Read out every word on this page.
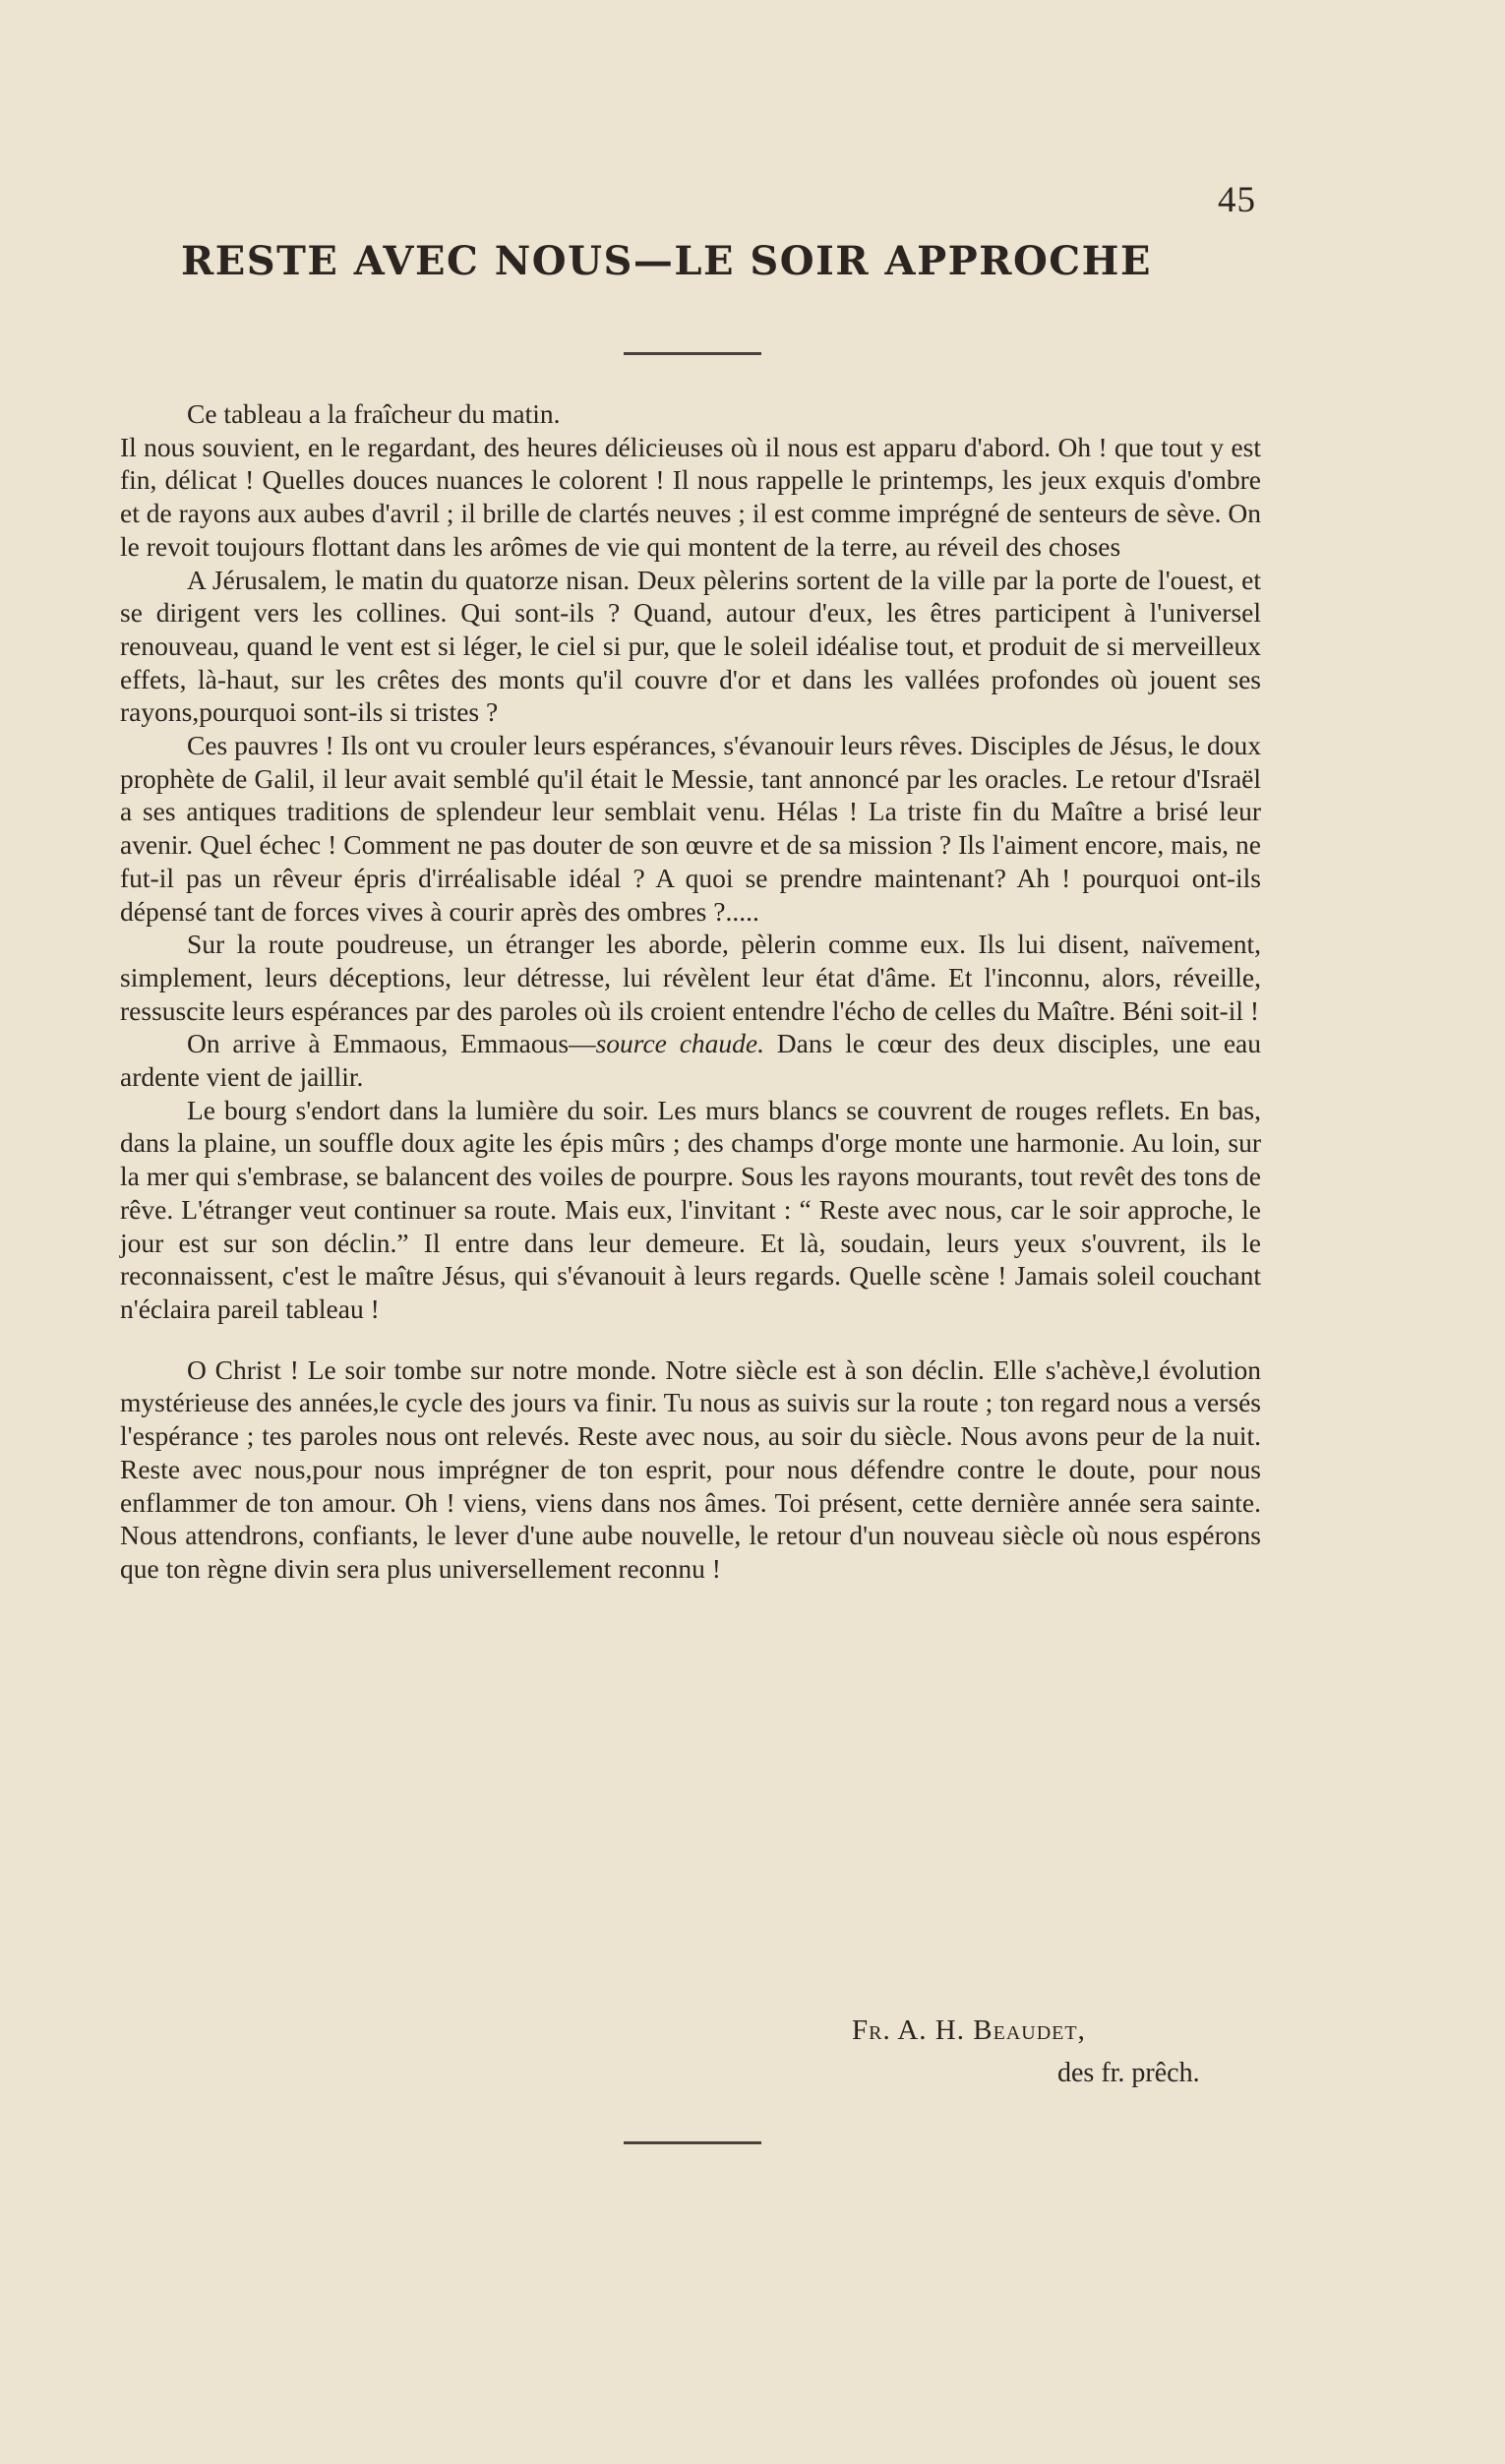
45
RESTE AVEC NOUS—LE SOIR APPROCHE

Ce tableau a la fraîcheur du matin.

Il nous souvient, en le regardant, des heures délicieuses où il nous est apparu d'abord. Oh ! que tout y est fin, délicat ! Quelles douces nuances le colorent ! Il nous rappelle le printemps, les jeux exquis d'ombre et de rayons aux aubes d'avril ; il brille de clartés neuves ; il est comme imprégné de senteurs de sève. On le revoit toujours flottant dans les arômes de vie qui montent de la terre, au réveil des choses

A Jérusalem, le matin du quatorze nisan. Deux pèlerins sortent de la ville par la porte de l'ouest, et se dirigent vers les collines. Qui sont-ils ? Quand, autour d'eux, les êtres participent à l'universel renouveau, quand le vent est si léger, le ciel si pur, que le soleil idéalise tout, et produit de si merveilleux effets, là-haut, sur les crêtes des monts qu'il couvre d'or et dans les vallées profondes où jouent ses rayons,pourquoi sont-ils si tristes ?

Ces pauvres ! Ils ont vu crouler leurs espérances, s'évanouir leurs rêves. Disciples de Jésus, le doux prophète de Galil, il leur avait semblé qu'il était le Messie, tant annoncé par les oracles. Le retour d'Israël a ses antiques traditions de splendeur leur semblait venu. Hélas ! La triste fin du Maître a brisé leur avenir. Quel échec ! Comment ne pas douter de son œuvre et de sa mission ? Ils l'aiment encore, mais, ne fut-il pas un rêveur épris d'irréalisable idéal ? A quoi se prendre maintenant? Ah ! pourquoi ont-ils dépensé tant de forces vives à courir après des ombres ?.....

Sur la route poudreuse, un étranger les aborde, pèlerin comme eux. Ils lui disent, naïvement, simplement, leurs déceptions, leur détresse, lui révèlent leur état d'âme. Et l'inconnu, alors, réveille, ressuscite leurs espérances par des paroles où ils croient entendre l'écho de celles du Maître. Béni soit-il !

On arrive à Emmaous, Emmaous—source chaude. Dans le cœur des deux disciples, une eau ardente vient de jaillir.

Le bourg s'endort dans la lumière du soir. Les murs blancs se couvrent de rouges reflets. En bas, dans la plaine, un souffle doux agite les épis mûrs ; des champs d'orge monte une harmonie. Au loin, sur la mer qui s'embrase, se balancent des voiles de pourpre. Sous les rayons mourants, tout revêt des tons de rêve. L'étranger veut continuer sa route. Mais eux, l'invitant : “ Reste avec nous, car le soir approche, le jour est sur son déclin.” Il entre dans leur demeure. Et là, soudain, leurs yeux s'ouvrent, ils le reconnaissent, c'est le maître Jésus, qui s'évanouit à leurs regards. Quelle scène ! Jamais soleil couchant n'éclaira pareil tableau !

O Christ ! Le soir tombe sur notre monde. Notre siècle est à son déclin. Elle s'achève,l évolution mystérieuse des années,le cycle des jours va finir. Tu nous as suivis sur la route ; ton regard nous a versés l'espérance ; tes paroles nous ont relevés. Reste avec nous, au soir du siècle. Nous avons peur de la nuit. Reste avec nous,pour nous imprégner de ton esprit, pour nous défendre contre le doute, pour nous enflammer de ton amour. Oh ! viens, viens dans nos âmes. Toi présent, cette dernière année sera sainte. Nous attendrons, confiants, le lever d'une aube nouvelle, le retour d'un nouveau siècle où nous espérons que ton règne divin sera plus universellement reconnu !

Fr. A. H. Beaudet,
des fr. prêch.
